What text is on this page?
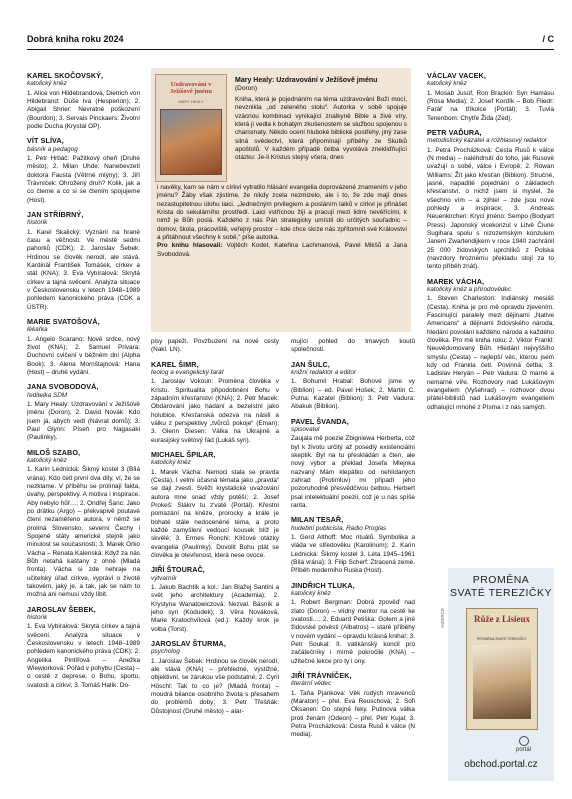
Dobrá kniha roku 2024	/ C
KAREL SKOČOVSKÝ,
katolický kněz
1. Alice von Hildebrandová, Dietrich von Hildebrand: Duše lva (Hesperion); 2. Abigail Shrier: Nevratné poškození (Bourdon); 3. Servais Pinckaers: Životní podle Ducha (Krystal OP).
VÍT SLÍVA,
básník a pedagog
1. Petr Hrbáč: Pažitkový oheň (Druhé město); 2. Milan Uhde: Nanebevzetí doktora Fausta (Větrné mlýny); 3. Jiří Trávníček: Ohrožený druh? Kolik, jak a co čteme a co si se čtením spojujeme (Host).
JAN STŘÍBRNÝ,
historik
1. Karel Skalický: Vyznání na hraně času a věčnosti. Ve městě sedmi pahorků (CDK); 2. Jaroslav Šebek: Hrdinou se člověk nerodí, ale stává. Kardinál František Tomášek, církev a stát (KNA); 3. Eva Vybíralová: Skrytá církev a tajná svěcení. Analýza situace v Československu v letech 1948–1989 pohledem kanonického práva (CDK a ÚSTR).
MARIE SVATOŠOVÁ,
lékařka
1. Angelo Scarano: Nové srdce, nový život (KNA); 2. Samuel Privara: Duchovní cvičení v běžném dni (Alpha Book); 3. Alena Mornštajnová: Hana (Host) – druhé vydání.
JANA SVOBODOVÁ,
ředitelka SDM
1. Mary Healy: Uzdravování v Ježíšově jménu (Doron); 2. David Novák: Kdo jsem já, abych vedl (Návrat domů); 3. Paul Glynn: Píseň pro Nagasaki (Paulínky).
MILOŠ SZABO,
katolický kněz
1. Karin Lednická: Šikmý kostel 3 (Bílá vrána). Kdo četl první dva díly, ví, že se nezklame. V příběhu se prolínají fakta, úvahy, perspektivy. A motiva i inspirace. Aby nebylo hůř…; 2. Ondřej Šanc: Jako po drátku (Argo) – překvapivě poutavé čtení nezaměřeno autora, v němž se prolíná Slovensko, severní Čechy i Spojené státy americké stejně jako minulost se současností; 3. Marek Orko Vácha – Renata Kalenská: Když za nás Bůh netahá kaštany z ohně (Mladá fronta). Vácha si zde nehraje na učitelský úřad církve, vypráví o životě takovém, jaký je, a tak, jak se nám to možná ani nemusí vždy líbit.
JAROSLAV ŠEBEK,
historik
1. Eva Vybíralová: Skrytá církev a tajná svěcení. Analýza situace v Československu v letech 1948–1989 pohledem kanonického práva (CDK); 2. Angelika Pintířová – Anežka Wiewiorková: Pořád v pohybu (Cesta) – o cestě z deprese, o Bohu, sportu, svatosti a církvi; 3. Tomáš Halík: Do-
pisy papeži. Povzbuzení na nové cesty (Nakl. LN).
KAREL ŠIMR,
teolog a evangelický farář
1. Jaroslav Vokoun: Proměna člověka v Kristu. Spiritualita připodobnění Bohu v západním křesťanství (KNA); 2. Petr Macek: Obdarování jako hádání a bezelstní jako holubice. Křesťanská odezva na násilí a válku z perspektivy „tvůrců pokoje“ (Eman); 3. Glenn Diesen: Válka na Ukrajině a eurasijský světový řád (Lukáš syn).
MICHAEL ŠPILAR,
katolický kněz
1. Marek Vácha: Nemoci stala se pravda (Cesta). I velmi účasná témata jako „pravda“ se daji zvesti. Svěží krystalické uvažování autora mne snad vždy potěší; 2. Josef Prokeš: Slákrv tu z'vaté (Portál). Křestní pomazání na kněze, prorocky a krále je bohaté stále nedoceněné téma, a proto každé zamyšlení vedoucí kousek blíž je skvělé; 3. Ermes Ronchi: Klíčové otázky evangelia (Paulínky). Dovolit Bohu ptát se člověka je otevřenost, která nese ovoce.
JIŘÍ ŠTOURAČ,
výtvarník
1. Jakub Bachtík a kol.: Jan Blažej Santini a svět jeho architektury (Academia); 2. Krystyna Wanatowiczová: Nezval. Básník a jeho syn (Kodudek); 3. Věra Nováková, Marie Kratochvílová (ed.): Každý krok je volba (Torst).
JAROSLAV ŠTURMA,
psycholog
1. Jaroslav Šebek: Hrdinou se člověk nerodí, ale stává (KNA) – přehledné, výstižné, objektivní, se zárukou vše podstatné; 2. Cyril Höschl: Tak to co je? (Mladá fronta) – moudrá bilance osobního života s přesahem do problémů doby; 3. Petr Třešňák: Důstojnost (Druhé město) – alar-
mující pohled do tmavých koutů společnosti.
JAN ŠULC,
knižní redaktor a editor
1. Bohumil Hrabal: Bohové jsme vy (Biblion) – ed. Pavel Hošek; 2. Martin C. Putna: Kazatel (Biblion); 3. Petr Vadura: Abakuk (Biblion).
PAVEL ŠVANDA,
spisovatel
Zaujala mě poezie Zbigniewa Herberta, což byl k životu určitý až posedlý existenciální skeptik. Byl na tu přeskládán a čten, ale nový výbor a překlad Josefa Mlejnka nazvaný Mám klepátko od nehlídaných zahrad (Protimluv) mi připadl jeho pozoruhodně přesvědčivou četbou. Herbert psal intelektuální poezii, což je u nás spíše rarita.
MILAN TESAŘ,
hudební publicista, Radio Proglas
1. Gerd Althoff: Moc rituálů. Symbolika a vláda ve středověku (Karolinum); 2. Karin Lednická: Šikmý kostel 3. Léta 1945–1961 (Bílá vrána); 3. Filip Scherf: Ztracená země. Příběh moderního Ruska (Host).
JINDŘICH TLUKA,
katolický kněz
1. Robert Bergman: Dobrá zpověď nad zlato (Doron) – vlídný mentor na cestě ke svatosti…; 2. Eduard Petiška: Golem a jiné židovské pověsti (Albatros) – staré příběhy v novém vydání – opravdu krásná kniha!; 3. Petr Soukal: II. vatikánský koncil pro začátečníky i mírně pokročilé (KNA) – užitečné lekce pro ty i ony.
JIŘÍ TRÁVNÍČEK,
literární vědec
1. Taňa Pjankova: Věk rudých mravenců (Maraton) – přel. Eva Reuschová; 2. Sofi Oksanen: Do stejné řeky. Putinova válka proti ženám (Odeon) – přel. Petr Kujal; 3. Petra Procházková: Cesta Rusů k válce (N media).
VÁCLAV VACEK,
katolický kněz
1. Mosab Jusúf, Ron Brackin: Syn Hamásu (Rosa Media); 2. Josef Kordík – Bob Fliedr: Farář na tříkolce (Portál); 3. Tuvia Tenenbom: Chytře Žida (Zed).
PETR VAĎURA,
metodistický kazatel a rozhlasový redaktor
1. Petra Procházková: Cesta Rusů k válce (N media) – naléhdnutí do toho, jak Rusové uvažují o sobě, válce i Evropě; 2. Rowan Williams: Žít jako křesťan (Biblion). Stručné, jasné, napadité pojednání o základech křesťanství, o nichž jsem si myslel, že všechno vím – a zjihle! – zde jsou nové pohledy a inspirace; 3. Andreas Neuenkirchen: Krycí jméno: Sempo (Bodyart Press). Japonský vicekonzul v Litvě Čiune Sugihara spolu s nizozemským konzulem Janem Zwartendijkem v roce 1940 zachránil 25 000 židovských uprchlíků z Polska (navzdory hroznému překladu stojí za to tento příběh znát).
MAREK VÁCHA,
katolický kněz a přírodovědec
1. Steven Charleston: Indiánský mesiáš (Cesta). Kniha je pro mě opravdu zjevením. Fascinující paralely mezi dějinami „Native Americans“ a dějinami židovského národa, hledání povolání každého národa a každého člověka. Pro mě kniha roku; 2. Viktor Frankl: Neuvědomovaný Bůh. Hledání nejvyššího smyslu (Cesta) – nejlepší věc, kterou jsem kdy od Frankla četl. Povinná četba; 3. Ladislav Heryán – Petr Vadura: O marné a nemarné víře. Rozhovory nad Lukášovým evangeliem (Vyšehrad) – rozhovor dvou přátel-biblistů nad Lukášovým evangeliem odhalující mnohé z Písma i z nás samých.
Uzdravování v Ježíšově jménu
MARY HEALY
Mary Healy: Uzdravování v Ježíšově jménu
(Doron)
Kniha, která je pojednáním na téma uzdravování Boží mocí, nevznikla „od zeleného stolu“. Autorka v sobě spojuje vzácnou kombinaci vynikající znalkyně Bible a živé víry, která ji vedla k bohatým zkušenostem se službou spojenou s charismaty. Někdo ocení hluboké biblické postřehy, jiný zase silná svědectví, která připomínají příběhy ze Skutků apoštolů. V každém případě četba vyvolává znekliďňující otázku: Je-li Kristus stejný včera, dnes
i navěky, kam se nám v církvi vytratilo hlásání evangelia doprovázené znamením v jeho jménu? Žáby však zjistíme, že nikdy zcela nezmizelo, ale i to, že zde mají dnes nezastupitelnou úlohu laici. „Jednečným prvilegiem a posláním laiků v církvi je přinášet Krista do sekulárního prostředí. Laici vstřícnou žijí a pracují mezi lidmi nevěřícími, k nimž je Bůh poslá. Každého z nás Pán strategicky umístil do určitých souřadnic – domov, škola, pracoviště, veřejný prostor – kde chce skrze nás zpřítomnit své Království a přitáhnout všechny k sobě,“ píše autorka.
Pro knihu hlasovali: Vojtěch Kodet, Kateřina Lachmanová, Pavel Mikšů a Jana Svobodová.
INZERCE
PROMĚNA
SVATÉ TEREZIČKY
Růže z Lisieux
PROMĚNA SVATÉ TEREZIČKY
portál
obchod.portal.cz
